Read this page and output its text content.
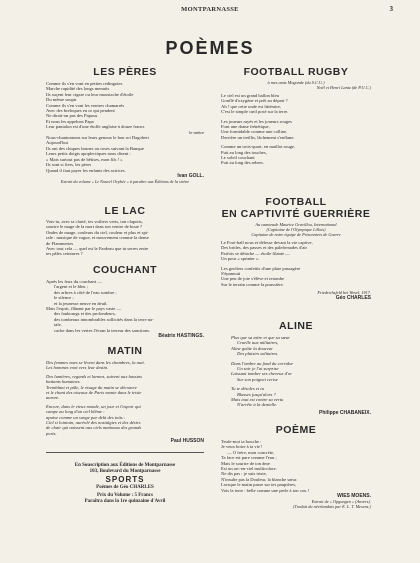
MONTPARNASSE	3
POÈMES
LES PÈRES
Comme ils s'en vont en petites redingotes
Marche rapidité des longs menuits
Ils suçent leur cigare ou leur moustache d'étoile
Du même soupir
Comme ils s'en vont les ventres chamarrés
Avec des breloques en or qui pendent
Ne dirait-on pas des Papous
Et nous les appelons Papa
Leur pantalon est d'une étoffe anglaise à douze francs
le mètre
Nous-chantonnons sur leurs genoux le bon roi Dagobert
Aujourd'hui
Ils ont des chiques brunes ou roses suivant la Banque
Leurs petits doigts apoplectiques nous disent :
« Mais surtout pas de bêtises, mon fils ! »
Ils sont si fiers, les pères
Quand il faut payer les enfants des actrices.
Ivan GOLL.
Extrait du volume « Le Nouvel Orphée » à paraître aux Éditions de la sirène
LE LAC
Vois-tu, avec ta clarté, tes voiliers verts, ton clapotis,
sourire le mage de la mort dans ton ventre de boue ?
Ondes de nuage, couleurs du ciel, couleur et plus et spi-
rale : musique de vague, et mouvement comme la danse
de Flammeries
Avec tout cela — quel est le Fardeau que tu serres entre
tes pâles ceintures ?
COUCHANT
Après les feux du couchant —
l'argent et le bleu ;
des arbres à côté de l'eau sombre ;
le silence ;
et la jeunesse neuve en deuil.
Mais l'esprit, flânant par le pays vaste —
des faubourgs et des profondeurs,
des tombeaux innombrables sollicités dans la terre na-
tale,
cache dans les vertes l'écran la terreur des sanctions.
Béatrix HASTINGS.
MATIN
Des femmes nues se lèvent dans les chambres, la nuit.
Les hommes vont vers leur destin.
Des lumières, regards et larmes, suivent aux bassins
battants humaines.
Tremblant et pâle, le visage du matin se découvre
et le chant des oiseaux de Paris monte dans le triste
aurore.
Encore, dans le vieux monde, un jour et l'espoir qui
campe au long d'un ciel blême :
apaise comme un songe par delà des toits :
Ciel si lointain, auréolé des nostalgies et des désirs
de chair qui naissent aux ciels matinaux des grands
ports.
Paul HUSSON
En Souscription aux Éditions de Montparnasse
103, Boulevard du Montparnasse
SPORTS
Poèmes de Géo CHARLES
Prix du Volume : 5 Francs
Paraîtra dans la 1re quinzaine d'Avril
FOOTBALL RUGBY
à mes amis Mogonde (du S.C.U.)
Noël et Henri Lantz (de P.U.C.)
Le ciel est un grand ballon bleu
Gonflé d'oxygène et prêt au départ ?
Ah ! que cette onde est littéraire,
C'est le simple cœil posé sur la terre.
Les joueurs rayés et les joueurs rouges
Font une danse frénétique,
Une formidable comme une colline,
Derrière un treillis, lâchement s'enflane.
Comme un trois-quart, en maillot rouge,
Fuit au long des touches,
Le soleil couchant
Fuit au long des arbres.
FOOTBALL
EN CAPTIVITÉ GUERRIÈRE
Au camarade Maurice Gravillou, International
(Capitaine de l'Olympique Lillois)
Capitaine de notre équipe de Prisonniers de Guerre
Le Foot-ball nous et délesse devant la vie captive,
Des brides, des passes et des palefrenades d'air
Parfois se détache — étoile filante —
Un pour « sprinter ».
Les geoliers confettis d'une plaie passagère
S'épanouit
Une peu de joie s'élève et retombe
Sur le terrain comme la poussière.
Friedrichsfeld bei Wesel, 1917.
Géo CHARLES
ALINE
Plus que sa mère et que sa sœur
Cruelle aux militaires,
Aline goûte la douceur
Des plaisirs solitaires.
Dans l'ombre au fond du corridor
Un soir je l'ai surprise
Laissant tomber ses cheveux d'or
Sur son poignet cerise
Tu te désoles et tu
Blasses jusqu'alors ?
Mais tout est contre sa vertu
N'arrête à la dentelle.
Philippe CHABANEIX.
POÈME
Teufe-moi ta bouche :
Je veux boire à ta vie !
— O frère, mon concréte,
Ta face est pure comme l'eau ;
Mais le sourire de ton âme
Est un arc-en-ciel multicolore.
Ne dis pas : je suis triste,
N'insulte pas la Douleur, la blanche sœur.
Lorsque le matin passe sur tes paupières,
Vois la terre : belle comme une perle à ton cou !
WIES MOENS.
Extrait de « Opgangen » (Anvers).
(Traduit du néerlandais par E. L. T. Mesens.)
